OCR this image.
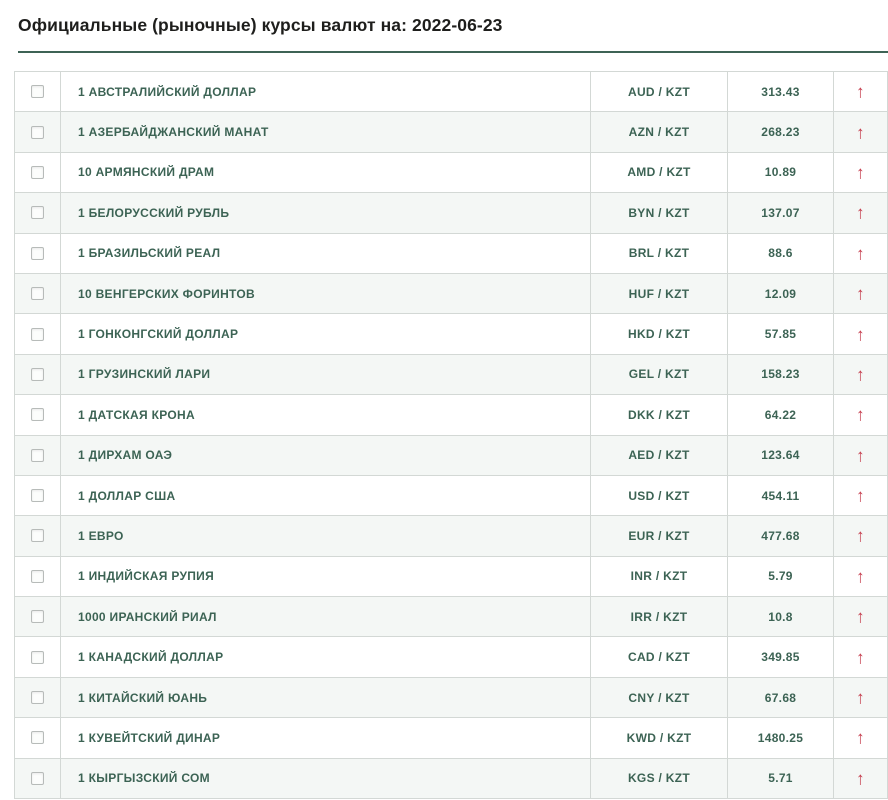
Официальные (рыночные) курсы валют на: 2022-06-23
1 АВСТРАЛИЙСКИЙ ДОЛЛАР	AUD / KZT	313.43	↑
1 АЗЕРБАЙДЖАНСКИЙ МАНАТ	AZN / KZT	268.23	↑
10 АРМЯНСКИЙ ДРАМ	AMD / KZT	10.89	↑
1 БЕЛОРУССКИЙ РУБЛЬ	BYN / KZT	137.07	↑
1 БРАЗИЛЬСКИЙ РЕАЛ	BRL / KZT	88.6	↑
10 ВЕНГЕРСКИХ ФОРИНТОВ	HUF / KZT	12.09	↑
1 ГОНКОНГСКИЙ ДОЛЛАР	HKD / KZT	57.85	↑
1 ГРУЗИНСКИЙ ЛАРИ	GEL / KZT	158.23	↑
1 ДАТСКАЯ КРОНА	DKK / KZT	64.22	↑
1 ДИРХАМ ОАЭ	AED / KZT	123.64	↑
1 ДОЛЛАР США	USD / KZT	454.11	↑
1 ЕВРО	EUR / KZT	477.68	↑
1 ИНДИЙСКАЯ РУПИЯ	INR / KZT	5.79	↑
1000 ИРАНСКИЙ РИАЛ	IRR / KZT	10.8	↑
1 КАНАДСКИЙ ДОЛЛАР	CAD / KZT	349.85	↑
1 КИТАЙСКИЙ ЮАНЬ	CNY / KZT	67.68	↑
1 КУВЕЙТСКИЙ ДИНАР	KWD / KZT	1480.25	↑
1 КЫРГЫЗСКИЙ СОМ	KGS / KZT	5.71	↑
